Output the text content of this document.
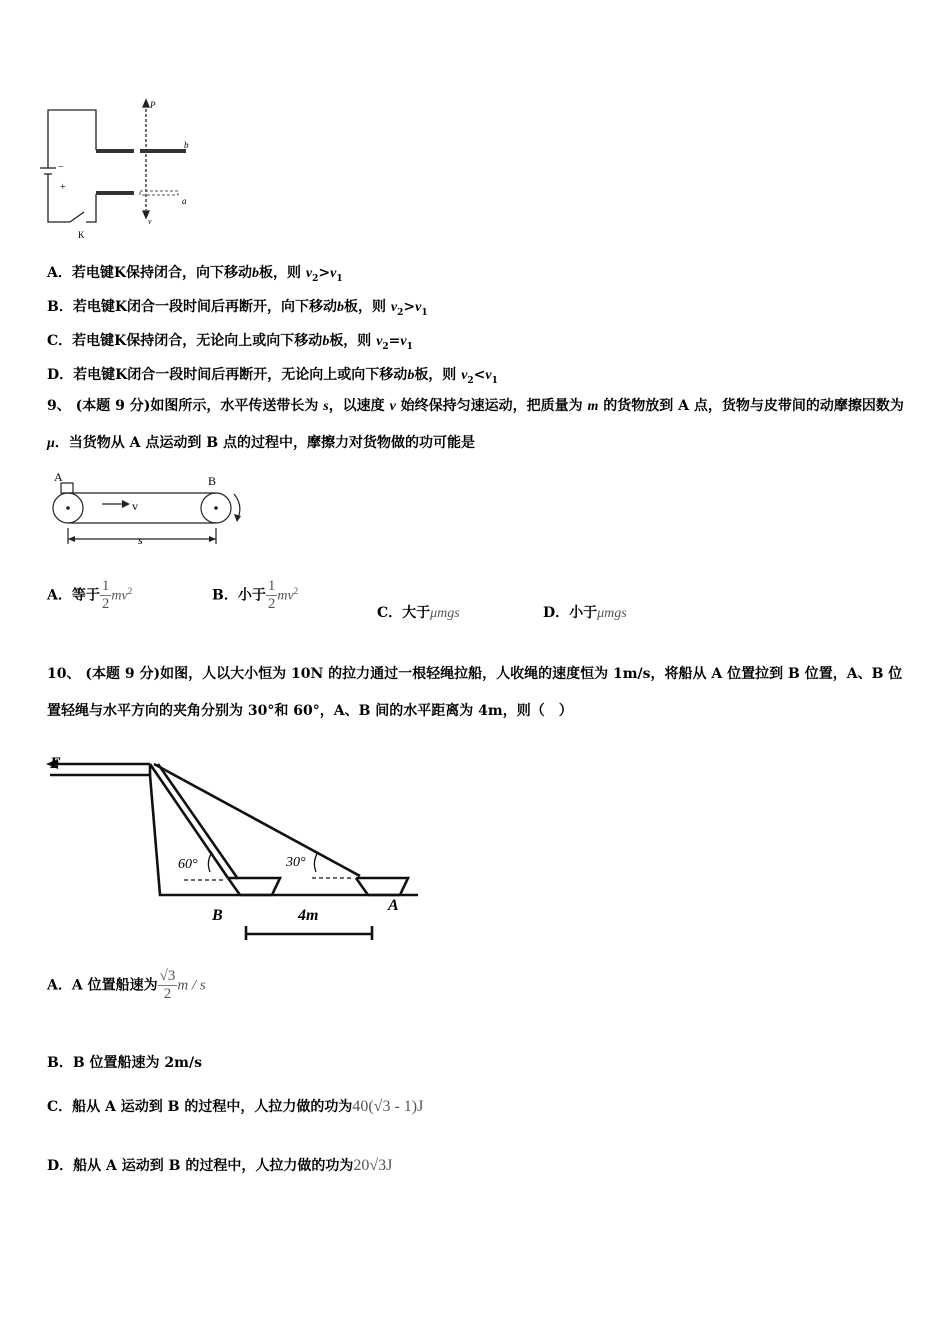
P
b
a
v
K
−
+
A．若电键K保持闭合，向下移动b板，则 $v_2>v_1$
B．若电键K闭合一段时间后再断开，向下移动b板，则 $v_2>v_1$
C．若电键K保持闭合，无论向上或向下移动b板，则 $v_2=v_1$
D．若电键K闭合一段时间后再断开，无论向上或向下移动b板，则 $v_2<v_1$
9、 (本题 9 分)如图所示，水平传送带长为 s，以速度 v 始终保持匀速运动，把质量为 m 的货物放到 A 点，货物与皮带间的动摩擦因数为 μ．当货物从 A 点运动到 B 点的过程中，摩擦力对货物做的功可能是
A	B
v
s
A．等于 $\frac{1}{2} mv^2$	B．小于 $\frac{1}{2} mv^2$
C．大于μmgs	D．小于μmgs
10、 (本题 9 分)如图，人以大小恒为 10N 的拉力通过一根轻绳拉船，人收绳的速度恒为 1m/s，将船从 A 位置拉到 B 位置，A、B 位置轻绳与水平方向的夹角分别为 30°和 60°，A、B 间的水平距离为 4m，则（　）
F
60°	30°
B
A
4m
A．A 位置船速为 $\frac{√3}{2}$ m / s
B．B 位置船速为 2m/s
C．船从 A 运动到 B 的过程中，人拉力做的功为40(√3 - 1)J
D．船从 A 运动到 B 的过程中，人拉力做的功为20√3J
